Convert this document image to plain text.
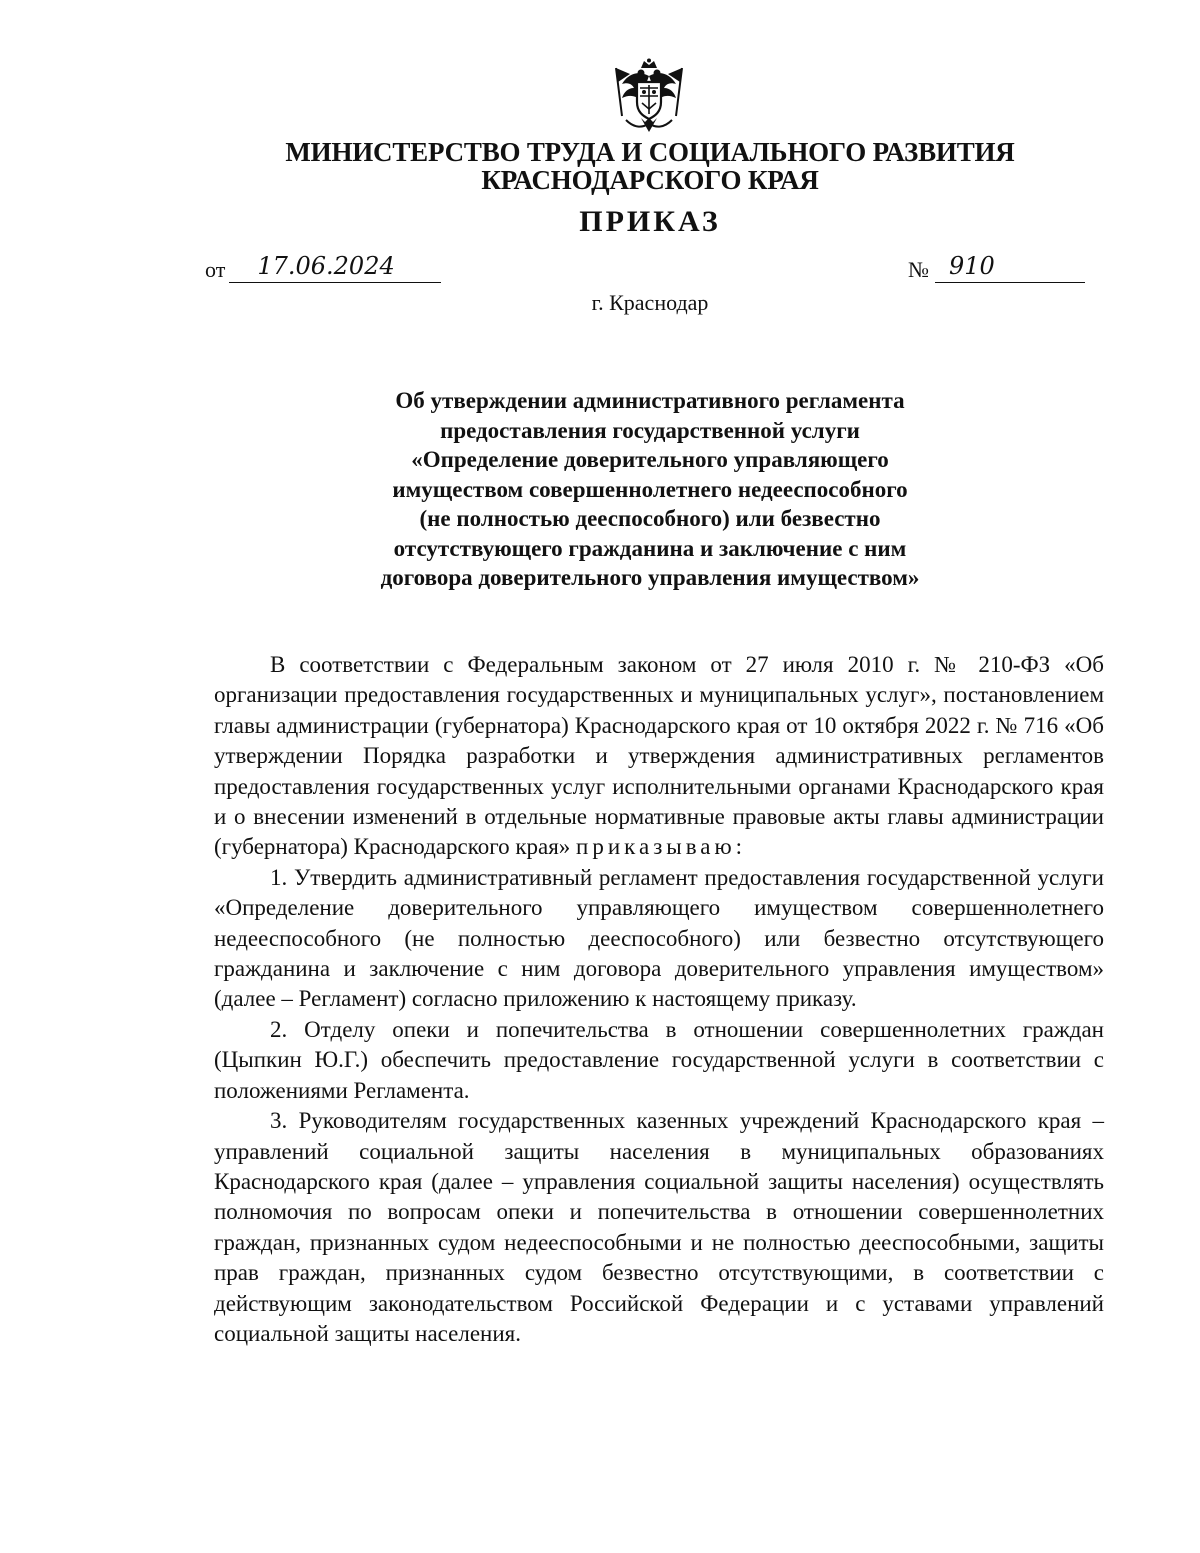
МИНИСТЕРСТВО ТРУДА И СОЦИАЛЬНОГО РАЗВИТИЯ
КРАСНОДАРСКОГО КРАЯ
ПРИКАЗ
от 17.06.2024	№ 910
г. Краснодар
Об утверждении административного регламента
предоставления государственной услуги
«Определение доверительного управляющего
имуществом совершеннолетнего недееспособного
(не полностью дееспособного) или безвестно
отсутствующего гражданина и заключение с ним
договора доверительного управления имуществом»

В соответствии с Федеральным законом от 27 июля 2010 г. № 210-ФЗ «Об организации предоставления государственных и муниципальных услуг», постановлением главы администрации (губернатора) Краснодарского края от 10 октября 2022 г. № 716 «Об утверждении Порядка разработки и утверждения административных регламентов предоставления государственных услуг исполнительными органами Краснодарского края и о внесении изменений в отдельные нормативные правовые акты главы администрации (губернатора) Краснодарского края» приказываю:

1. Утвердить административный регламент предоставления государственной услуги «Определение доверительного управляющего имуществом совершеннолетнего недееспособного (не полностью дееспособного) или безвестно отсутствующего гражданина и заключение с ним договора доверительного управления имуществом» (далее – Регламент) согласно приложению к настоящему приказу.

2. Отделу опеки и попечительства в отношении совершеннолетних граждан (Цыпкин Ю.Г.) обеспечить предоставление государственной услуги в соответствии с положениями Регламента.

3. Руководителям государственных казенных учреждений Краснодарского края – управлений социальной защиты населения в муниципальных образованиях Краснодарского края (далее – управления социальной защиты населения) осуществлять полномочия по вопросам опеки и попечительства в отношении совершеннолетних граждан, признанных судом недееспособными и не полностью дееспособными, защиты прав граждан, признанных судом безвестно отсутствующими, в соответствии с действующим законодательством Российской Федерации и с уставами управлений социальной защиты населения.
